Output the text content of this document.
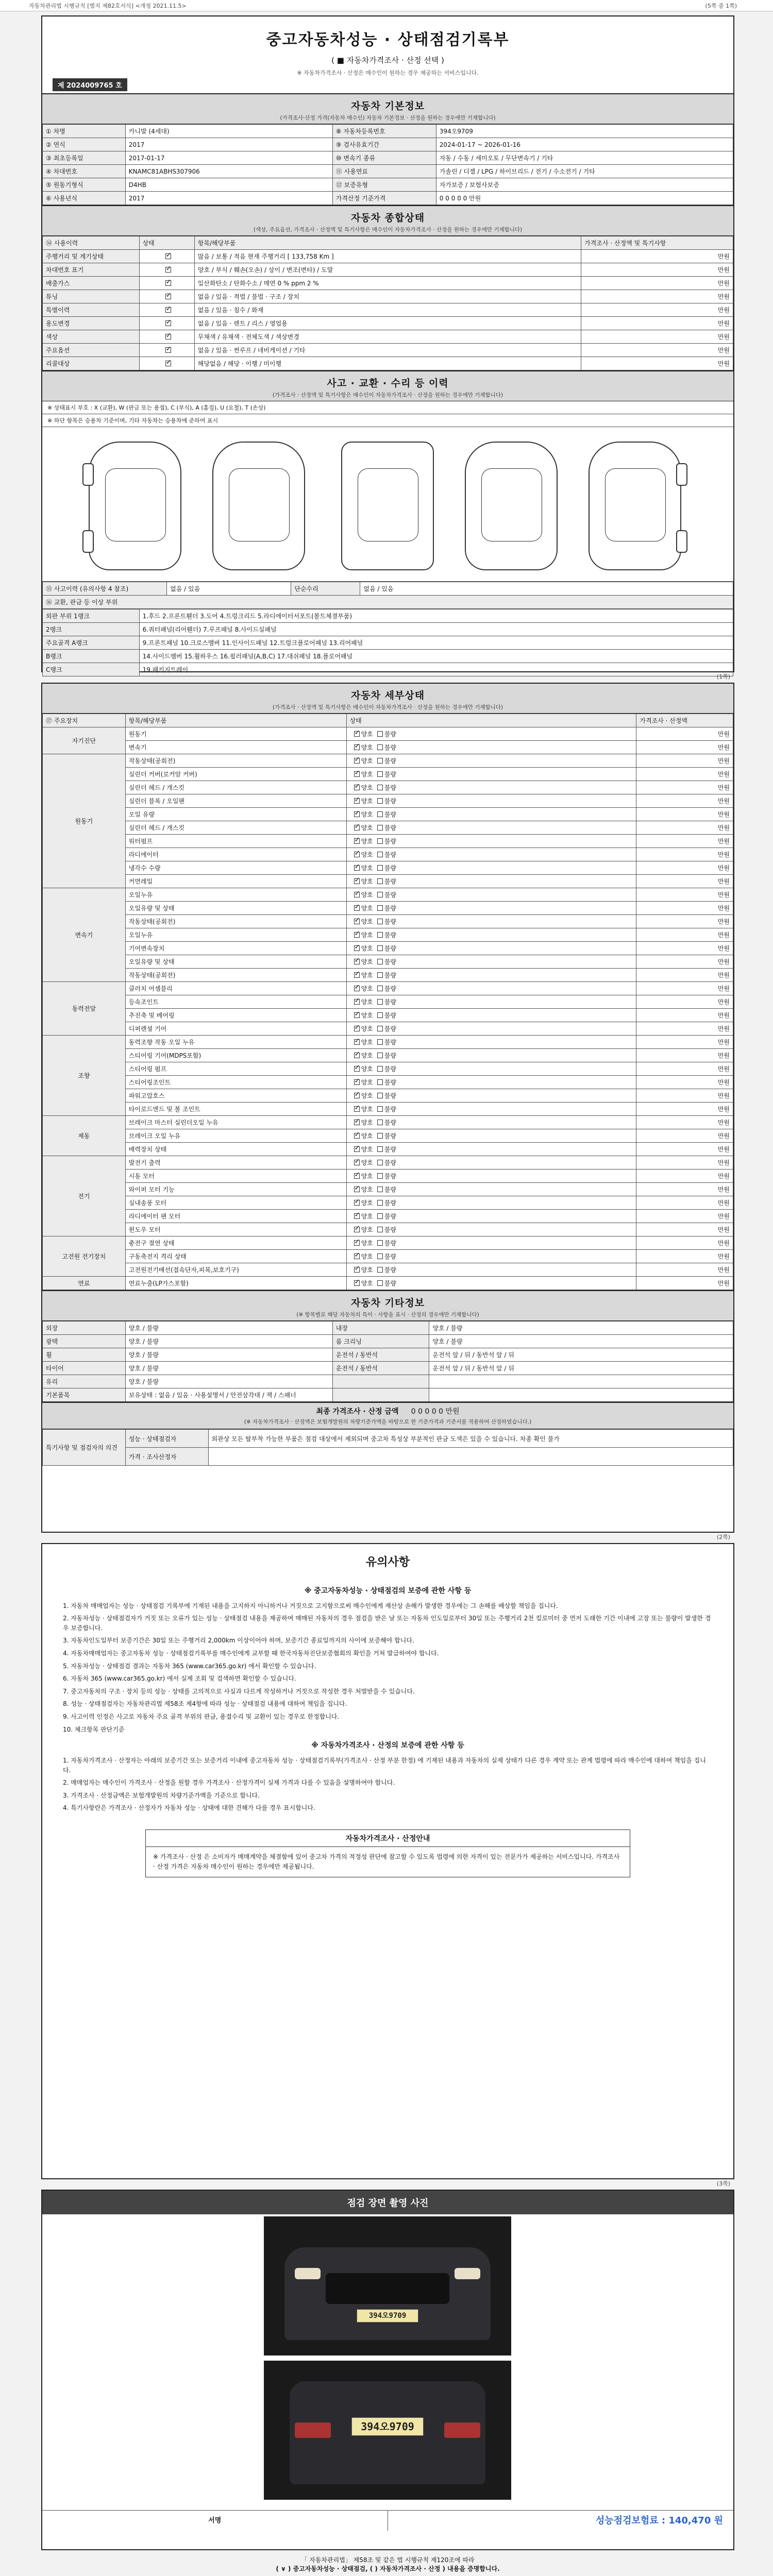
자동차관리법 시행규칙 [별지 제82호서식] <개정 2021.11.5>	(5쪽 중 1쪽)
중고자동차성능 · 상태점검기록부
( ■ 자동차가격조사 · 산정 선택 )
※ 자동차가격조사 · 산정은 매수인이 원하는 경우 제공하는 서비스입니다.
제 2024009765 호
자동차 기본정보
(가격조사·산정 가격(자동차 매수인) 자동차 기본정보 · 산정을 원하는 경우에만 기재합니다)
① 차명	카니발 (4세대)	⑧ 자동차등록번호	394오9709
② 연식	2017	⑨ 검사유효기간	2024-01-17 ~ 2026-01-16
③ 최초등록일	2017-01-17	⑩ 변속기 종류	자동 / 수동 / 세미오토 / 무단변속기 / 기타
④ 차대번호	KNAMC81ABHS307906	⑪ 사용연료	가솔린 / 디젤 / LPG / 하이브리드 / 전기 / 수소전기 / 기타
⑤ 원동기형식	D4HB	⑫ 보증유형	자가보증 / 보험사보증
⑥ 사용년식	2017	가격산정 기준가격	0 0 0 0 0 만원
자동차 종합상태
(색상, 주요옵션, 가격조사 · 산정액 및 특기사항은 매수인이 자동차가격조사 · 산정을 원하는 경우에만 기재합니다)
⑭ 사용이력	상태	항목/해당부품	가격조사 · 산정액 및 특기사항
주행거리 및 계기상태	✓	많음 / 보통 / 적음 현재 주행거리 [ 133,758 Km ]	만원
차대번호 표기	✓	양호 / 부식 / 훼손(오손) / 상이 / 변조(변타) / 도말	만원
배출가스	✓	일산화탄소 / 탄화수소 / 매연 0 % ppm 2 %	만원
튜닝	✓	없음 / 있음 · 적법 / 불법 · 구조 / 장치	만원
특별이력	✓	없음 / 있음 · 침수 / 화재	만원
용도변경	✓	없음 / 있음 · 렌트 / 리스 / 영업용	만원
색상	✓	무채색 / 유채색 · 전체도색 / 색상변경	만원
주요옵션	✓	없음 / 있음 · 썬루프 / 네비게이션 / 기타	만원
리콜대상	✓	해당없음 / 해당 · 이행 / 미이행	만원
사고 · 교환 · 수리 등 이력
(가격조사 · 산정액 및 특기사항은 매수인이 자동차가격조사 · 산정을 원하는 경우에만 기재합니다)
※ 상태표시 부호 : X (교환), W (판금 또는 용접), C (부식), A (흠집), U (요철), T (손상)
※ 하단 항목은 승용차 기준이며, 기타 자동차는 승용차에 준하여 표시
⑮ 사고이력 (유의사항 4 참조)	없음 / 있음	단순수리	없음 / 있음
⑯ 교환, 판금 등 이상 부위
외판 부위 1랭크	1.후드 2.프론트휀더 3.도어 4.트렁크리드 5.라디에이터서포트(볼트체결부품)
2랭크	6.쿼터패널(리어휀더) 7.루프패널 8.사이드실패널
주요골격 A랭크	9.프론트패널 10.크로스멤버 11.인사이드패널 12.트렁크플로어패널 13.리어패널
B랭크	14.사이드멤버 15.휠하우스 16.필러패널(A,B,C) 17.대쉬패널 18.플로어패널
C랭크	19.패키지트레이
(1쪽)
자동차 세부상태
(가격조사 · 산정액 및 특기사항은 매수인이 자동차가격조사 · 산정을 원하는 경우에만 기재합니다)
⑰ 주요장치	항목/해당부품	상태	가격조사 · 산정액
자기진단	원동기	✓양호 불량	만원
	변속기	✓양호 불량	만원
원동기	작동상태(공회전)	✓양호 불량	만원
	실린더 커버(로커암 커버)	✓양호 불량	만원
	실린더 헤드 / 개스킷	✓양호 불량	만원
	실린더 블록 / 오일팬	✓양호 불량	만원
	오일 유량	✓양호 불량	만원
	실린더 헤드 / 개스킷	✓양호 불량	만원
	워터펌프	✓양호 불량	만원
	라디에이터	✓양호 불량	만원
	냉각수 수량	✓양호 불량	만원
	커먼레일	✓양호 불량	만원
변속기	오일누유	✓양호 불량	만원
	오일유량 및 상태	✓양호 불량	만원
	작동상태(공회전)	✓양호 불량	만원
	오일누유	✓양호 불량	만원
	기어변속장치	✓양호 불량	만원
	오일유량 및 상태	✓양호 불량	만원
	작동상태(공회전)	✓양호 불량	만원
동력전달	클러치 어셈블리	✓양호 불량	만원
	등속조인트	✓양호 불량	만원
	추진축 및 베어링	✓양호 불량	만원
	디퍼렌셜 기어	✓양호 불량	만원
조향	동력조향 작동 오일 누유	✓양호 불량	만원
	스티어링 기어(MDPS포함)	✓양호 불량	만원
	스티어링 펌프	✓양호 불량	만원
	스티어링조인트	✓양호 불량	만원
	파워고압호스	✓양호 불량	만원
	타이로드엔드 및 볼 조인트	✓양호 불량	만원
제동	브레이크 마스터 실린더오일 누유	✓양호 불량	만원
	브레이크 오일 누유	✓양호 불량	만원
	배력장치 상태	✓양호 불량	만원
전기	발전기 출력	✓양호 불량	만원
	시동 모터	✓양호 불량	만원
	와이퍼 모터 기능	✓양호 불량	만원
	실내송풍 모터	✓양호 불량	만원
	라디에이터 팬 모터	✓양호 불량	만원
	윈도우 모터	✓양호 불량	만원
고전원 전기장치	충전구 절연 상태	✓양호 불량	만원
	구동축전지 격리 상태	✓양호 불량	만원
	고전원전기배선(접속단자,피복,보호기구)	✓양호 불량	만원
연료	연료누출(LP가스포함)	✓양호 불량	만원
자동차 기타정보
(※ 항목별로 해당 자동차의 특이 · 사항을 표시 · 산정의 경우에만 기재합니다)
외장	양호 / 불량	내장	양호 / 불량
광택	양호 / 불량	룸 크리닝	양호 / 불량
휠	양호 / 불량	운전석 / 동반석	운전석 앞 / 뒤 / 동반석 앞 / 뒤
타이어	양호 / 불량	운전석 / 동반석	운전석 앞 / 뒤 / 동반석 앞 / 뒤
유리	양호 / 불량		
기본품목	보유상태 : 없음 / 있음 · 사용설명서 / 안전삼각대 / 잭 / 스패너		
최종 가격조사 · 산정 금액 0 0 0 0 0 만원
(※ 자동차가격조사 · 산정액은 보험개발원의 차량기준가액을 바탕으로 한 기준가격과 기준서를 적용하여 산정하였습니다.)
특기사항 및 점검자의 의견	성능 · 상태점검자	외관상 모든 탈부착 가능한 부품은 점검 대상에서 제외되며 중고차 특성상 부분적인 판금 도색은 있을 수 있습니다. 차종 확인 불가
	가격 · 조사산정자	
(2쪽)
유의사항
※ 중고자동차성능 · 상태점검의 보증에 관한 사항 등

1. 자동차 매매업자는 성능 · 상태점검 기록부에 기재된 내용을 고지하지 아니하거나 거짓으로 고지함으로써 매수인에게 재산상 손해가 발생한 경우에는 그 손해를 배상할 책임을 집니다.

2. 자동차성능 · 상태점검자가 거짓 또는 오류가 있는 성능 · 상태점검 내용을 제공하여 매매된 자동차의 경우 점검을 받은 날 또는 자동차 인도일로부터 30일 또는 주행거리 2천 킬로미터 중 먼저 도래한 기간 이내에 고장 또는 불량이 발생한 경우 보증합니다.

3. 자동차인도일부터 보증기간은 30일 또는 주행거리 2,000km 이상이어야 하며, 보증기간 종료일까지의 사이에 보증해야 합니다.

4. 자동차매매업자는 중고자동차 성능 · 상태점검기록부를 매수인에게 교부할 때 한국자동차진단보증협회의 확인을 거쳐 발급하여야 합니다.

5. 자동차성능 · 상태점검 결과는 자동차 365 (www.car365.go.kr) 에서 확인할 수 있습니다.

6. 자동차 365 (www.car365.go.kr) 에서 실제 조회 및 검색하면 확인할 수 있습니다.

7. 중고자동차의 구조 · 장치 등의 성능 · 상태를 고의적으로 사실과 다르게 작성하거나 거짓으로 작성한 경우 처벌받을 수 있습니다.

8. 성능 · 상태점검자는 자동차관리법 제58조 제4항에 따라 성능 · 상태점검 내용에 대하여 책임을 집니다.

9. 사고이력 인정은 사고로 자동차 주요 골격 부위의 판금, 용접수리 및 교환이 있는 경우로 한정합니다.

10. 체크항목 판단기준

※ 자동차가격조사 · 산정의 보증에 관한 사항 등

1. 자동차가격조사 · 산정자는 아래의 보증기간 또는 보증거리 이내에 중고자동차 성능 · 상태점검기록부(가격조사 · 산정 부분 한정) 에 기재된 내용과 자동차의 실제 상태가 다른 경우 계약 또는 관계 법령에 따라 매수인에 대하여 책임을 집니다.

2. 매매업자는 매수인이 가격조사 · 산정을 원할 경우 가격조사 · 산정가격이 실제 가격과 다를 수 있음을 설명하여야 합니다.

3. 가격조사 · 산정금액은 보험개발원의 차량기준가액을 기준으로 합니다.

4. 특기사항란은 가격조사 · 산정자가 자동차 성능 · 상태에 대한 견해가 다를 경우 표시합니다.

자동차가격조사 · 산정안내
※ 가격조사 · 산정 은 소비자가 매매계약을 체결함에 있어 중고차 가격의 적정성 판단에 참고할 수 있도록 법령에 의한 자격이 있는 전문가가 제공하는 서비스입니다. 가격조사 · 산정 가격은 자동차 매수인이 원하는 경우에만 제공됩니다.
(3쪽)
점검 장면 촬영 사진
394오9709
394오9709
서명	성능점검보험료 : 140,470 원
「 자동차관리법」 제58조 및 같은 법 시행규칙 제120조에 따라
( ∨ ) 중고자동차성능 · 상태점검, ( ) 자동차가격조사 · 산정 ) 내용을 증명합니다.
